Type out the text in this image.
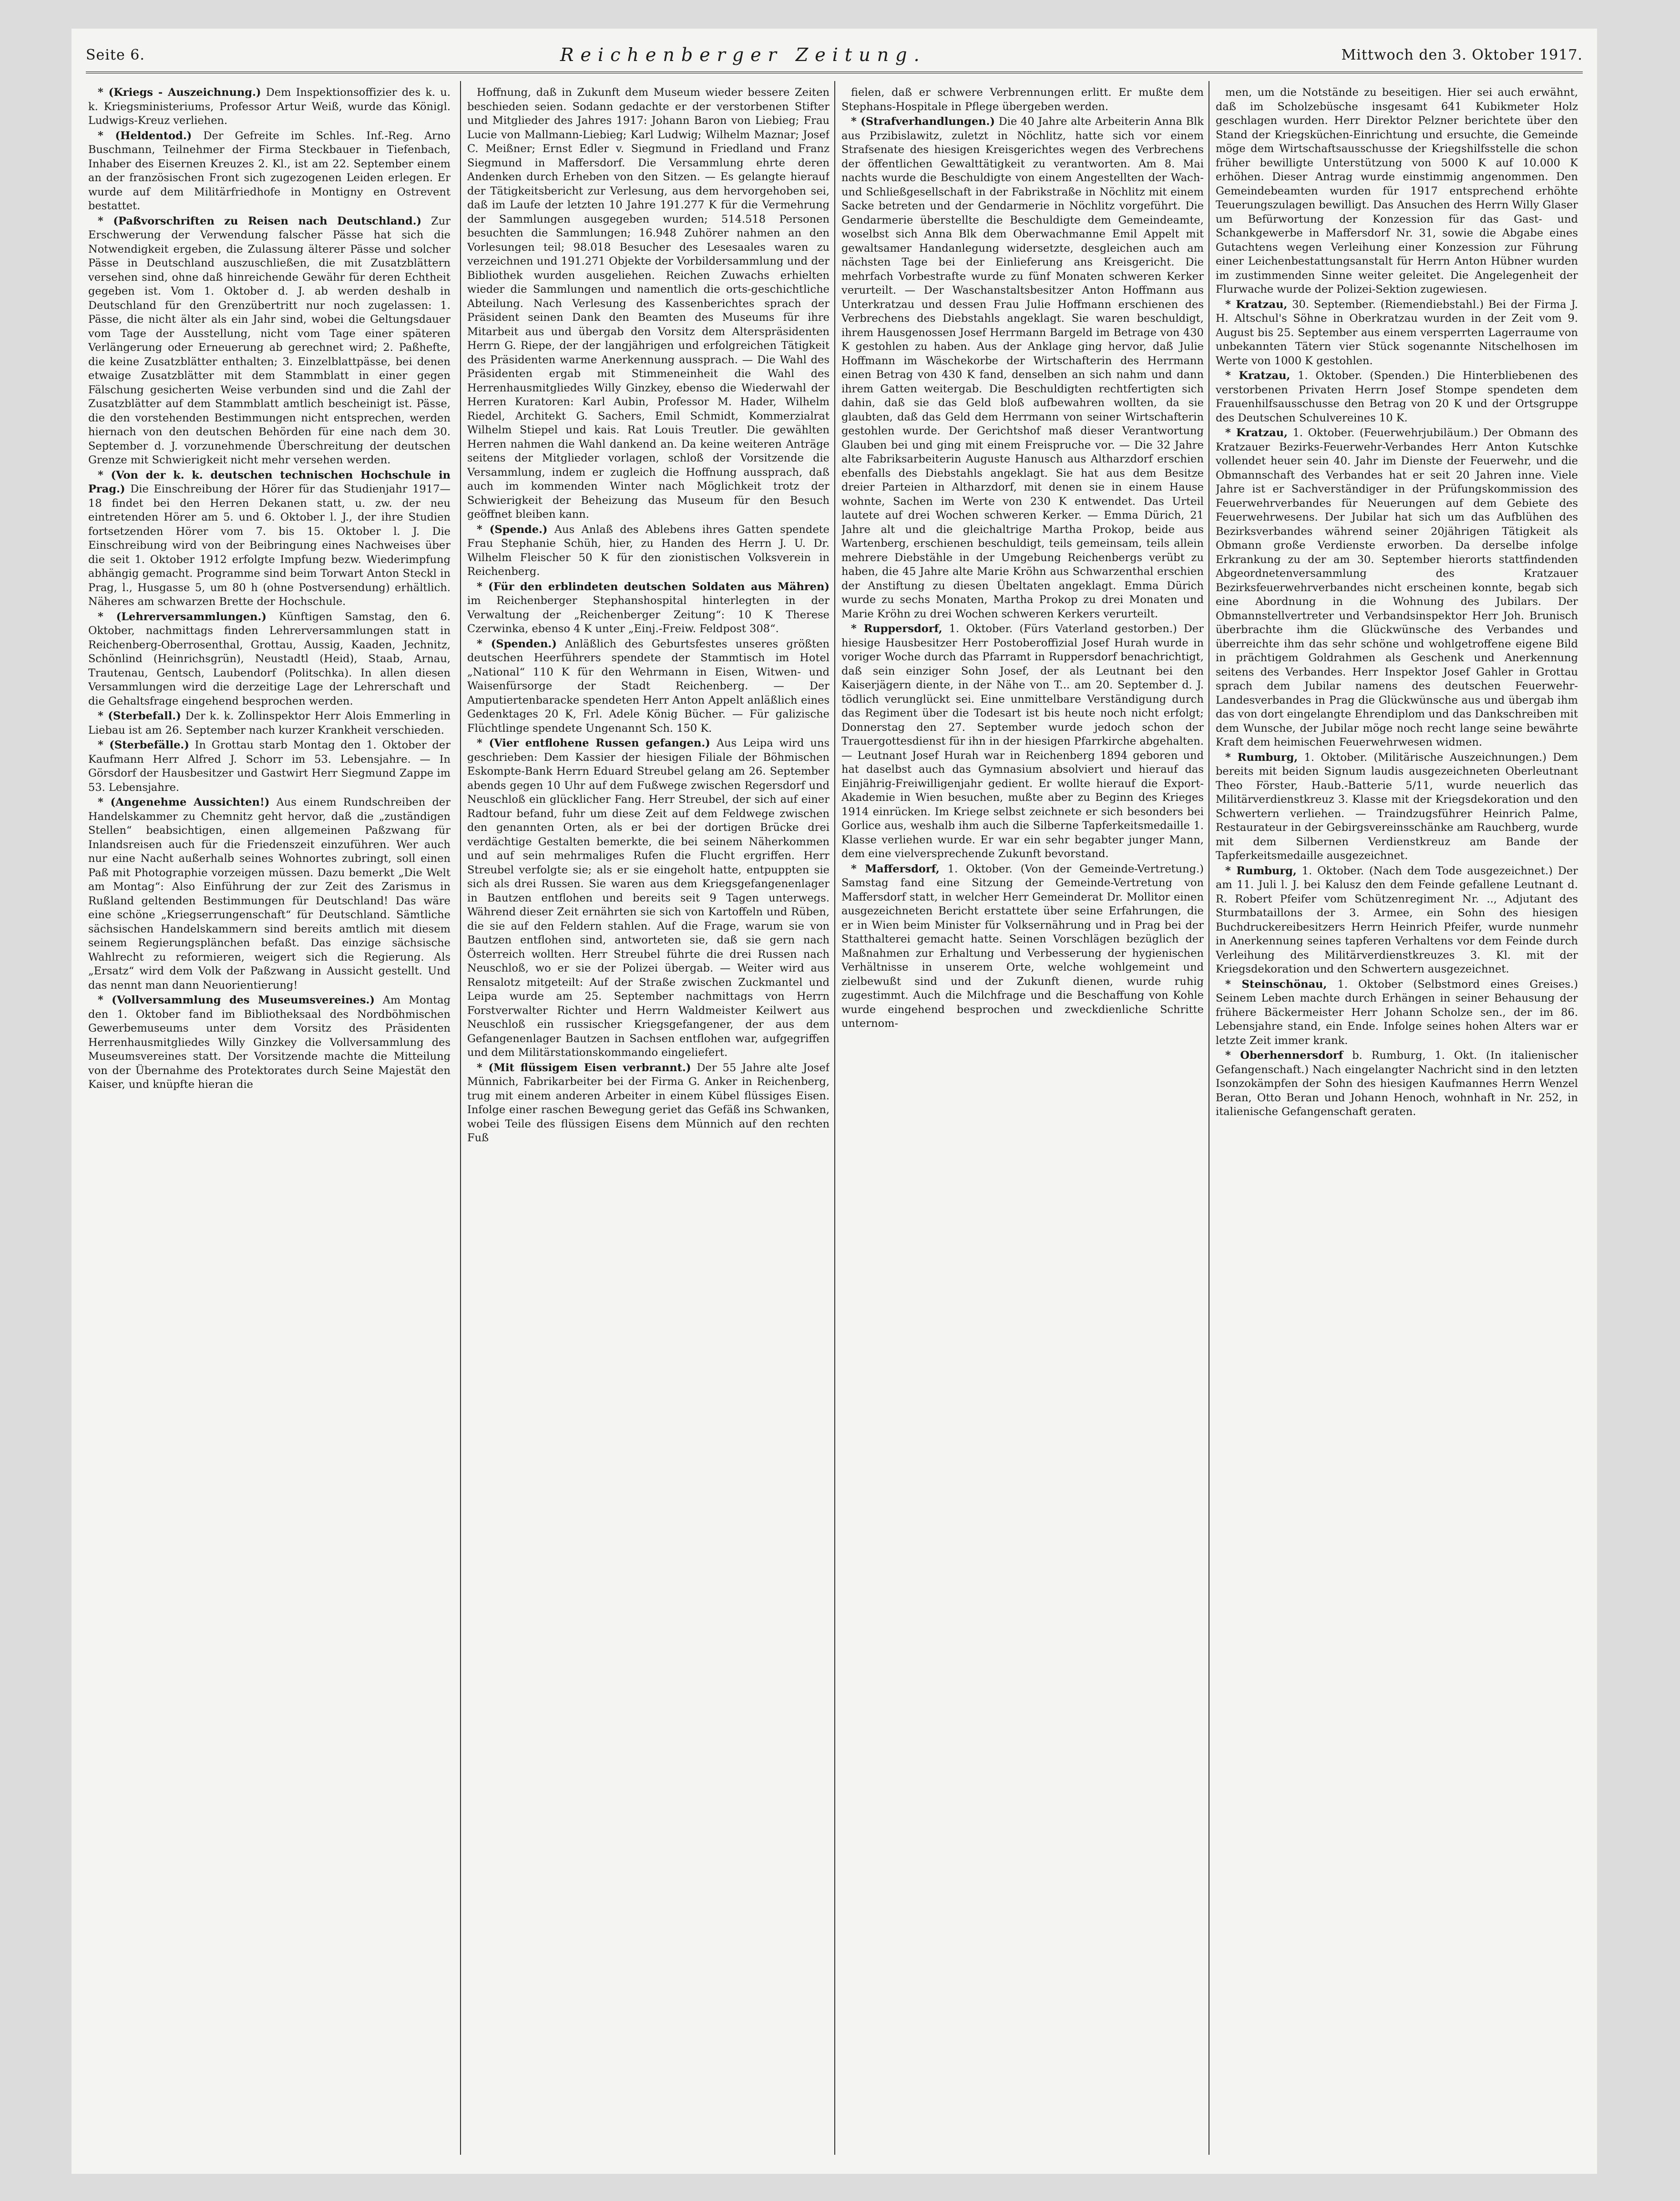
Seite 6.	Reichenberger Zeitung.	Mittwoch den 3. Oktober 1917.

* (Kriegs - Auszeichnung.) Dem Inspektionsoffizier des k. u. k. Kriegsministeriums, Professor Artur Weiß, wurde das Königl. Ludwigs-Kreuz verliehen.

* (Heldentod.) Der Gefreite im Schles. Inf.-Reg. Arno Buschmann, Teilnehmer der Firma Steckbauer in Tiefenbach, Inhaber des Eisernen Kreuzes 2. Kl., ist am 22. September einem an der französischen Front sich zugezogenen Leiden erlegen. Er wurde auf dem Militärfriedhofe in Montigny en Ostrevent bestattet.

* (Paßvorschriften zu Reisen nach Deutschland.) Zur Erschwerung der Verwendung falscher Pässe hat sich die Notwendigkeit ergeben, die Zulassung älterer Pässe und solcher Pässe in Deutschland auszuschließen, die mit Zusatzblättern versehen sind, ohne daß hinreichende Gewähr für deren Echtheit gegeben ist. Vom 1. Oktober d. J. ab werden deshalb in Deutschland für den Grenzübertritt nur noch zugelassen: 1. Pässe, die nicht älter als ein Jahr sind, wobei die Geltungsdauer vom Tage der Ausstellung, nicht vom Tage einer späteren Verlängerung oder Erneuerung ab gerechnet wird; 2. Paßhefte, die keine Zusatzblätter enthalten; 3. Einzelblattpässe, bei denen etwaige Zusatzblätter mit dem Stammblatt in einer gegen Fälschung gesicherten Weise verbunden sind und die Zahl der Zusatzblätter auf dem Stammblatt amtlich bescheinigt ist. Pässe, die den vorstehenden Bestimmungen nicht entsprechen, werden hiernach von den deutschen Behörden für eine nach dem 30. September d. J. vorzunehmende Überschreitung der deutschen Grenze mit Schwierigkeit nicht mehr versehen werden.

* (Von der k. k. deutschen technischen Hochschule in Prag.) Die Einschreibung der Hörer für das Studienjahr 1917—18 findet bei den Herren Dekanen statt, u. zw. der neu eintretenden Hörer am 5. und 6. Oktober l. J., der ihre Studien fortsetzenden Hörer vom 7. bis 15. Oktober l. J. Die Einschreibung wird von der Beibringung eines Nachweises über die seit 1. Oktober 1912 erfolgte Impfung bezw. Wiederimpfung abhängig gemacht. Programme sind beim Torwart Anton Steckl in Prag, l., Husgasse 5, um 80 h (ohne Postversendung) erhältlich. Näheres am schwarzen Brette der Hochschule.

* (Lehrerversammlungen.) Künftigen Samstag, den 6. Oktober, nachmittags finden Lehrerversammlungen statt in Reichenberg-Oberrosenthal, Grottau, Aussig, Kaaden, Jechnitz, Schönlind (Heinrichsgrün), Neustadtl (Heid), Staab, Arnau, Trautenau, Gentsch, Laubendorf (Politschka). In allen diesen Versammlungen wird die derzeitige Lage der Lehrerschaft und die Gehaltsfrage eingehend besprochen werden.

* (Sterbefall.) Der k. k. Zollinspektor Herr Alois Emmerling in Liebau ist am 26. September nach kurzer Krankheit verschieden.

* (Sterbefälle.) In Grottau starb Montag den 1. Oktober der Kaufmann Herr Alfred J. Schorr im 53. Lebensjahre. — In Görsdorf der Hausbesitzer und Gastwirt Herr Siegmund Zappe im 53. Lebensjahre.

* (Angenehme Aussichten!) Aus einem Rundschreiben der Handelskammer zu Chemnitz geht hervor, daß die „zuständigen Stellen“ beabsichtigen, einen allgemeinen Paßzwang für Inlandsreisen auch für die Friedenszeit einzuführen. Wer auch nur eine Nacht außerhalb seines Wohnortes zubringt, soll einen Paß mit Photographie vorzeigen müssen. Dazu bemerkt „Die Welt am Montag“: Also Einführung der zur Zeit des Zarismus in Rußland geltenden Bestimmungen für Deutschland! Das wäre eine schöne „Kriegserrungenschaft“ für Deutschland. Sämtliche sächsischen Handelskammern sind bereits amtlich mit diesem seinem Regierungsplänchen befaßt. Das einzige sächsische Wahlrecht zu reformieren, weigert sich die Regierung. Als „Ersatz“ wird dem Volk der Paßzwang in Aussicht gestellt. Und das nennt man dann Neuorientierung!

* (Vollversammlung des Museumsvereines.) Am Montag den 1. Oktober fand im Bibliotheksaal des Nordböhmischen Gewerbemuseums unter dem Vorsitz des Präsidenten Herrenhausmitgliedes Willy Ginzkey die Vollversammlung des Museumsvereines statt. Der Vorsitzende machte die Mitteilung von der Übernahme des Protektorates durch Seine Majestät den Kaiser, und knüpfte hieran die

Hoffnung, daß in Zukunft dem Museum wieder bessere Zeiten beschieden seien. Sodann gedachte er der verstorbenen Stifter und Mitglieder des Jahres 1917: Johann Baron von Liebieg; Frau Lucie von Mallmann-Liebieg; Karl Ludwig; Wilhelm Maznar; Josef C. Meißner; Ernst Edler v. Siegmund in Friedland und Franz Siegmund in Maffersdorf. Die Versammlung ehrte deren Andenken durch Erheben von den Sitzen. — Es gelangte hierauf der Tätigkeitsbericht zur Verlesung, aus dem hervorgehoben sei, daß im Laufe der letzten 10 Jahre 191.277 K für die Vermehrung der Sammlungen ausgegeben wurden; 514.518 Personen besuchten die Sammlungen; 16.948 Zuhörer nahmen an den Vorlesungen teil; 98.018 Besucher des Lesesaales waren zu verzeichnen und 191.271 Objekte der Vorbildersammlung und der Bibliothek wurden ausgeliehen. Reichen Zuwachs erhielten wieder die Sammlungen und namentlich die orts-geschichtliche Abteilung. Nach Verlesung des Kassenberichtes sprach der Präsident seinen Dank den Beamten des Museums für ihre Mitarbeit aus und übergab den Vorsitz dem Alterspräsidenten Herrn G. Riepe, der der langjährigen und erfolgreichen Tätigkeit des Präsidenten warme Anerkennung aussprach. — Die Wahl des Präsidenten ergab mit Stimmeneinheit die Wahl des Herrenhausmitgliedes Willy Ginzkey, ebenso die Wiederwahl der Herren Kuratoren: Karl Aubin, Professor M. Hader, Wilhelm Riedel, Architekt G. Sachers, Emil Schmidt, Kommerzialrat Wilhelm Stiepel und kais. Rat Louis Treutler. Die gewählten Herren nahmen die Wahl dankend an. Da keine weiteren Anträge seitens der Mitglieder vorlagen, schloß der Vorsitzende die Versammlung, indem er zugleich die Hoffnung aussprach, daß auch im kommenden Winter nach Möglichkeit trotz der Schwierigkeit der Beheizung das Museum für den Besuch geöffnet bleiben kann.

* (Spende.) Aus Anlaß des Ablebens ihres Gatten spendete Frau Stephanie Schüh, hier, zu Handen des Herrn J. U. Dr. Wilhelm Fleischer 50 K für den zionistischen Volksverein in Reichenberg.

* (Für den erblindeten deutschen Soldaten aus Mähren) im Reichenberger Stephanshospital hinterlegten in der Verwaltung der „Reichenberger Zeitung“: 10 K Therese Czerwinka, ebenso 4 K unter „Einj.-Freiw. Feldpost 308“.

* (Spenden.) Anläßlich des Geburtsfestes unseres größten deutschen Heerführers spendete der Stammtisch im Hotel „National“ 110 K für den Wehrmann in Eisen, Witwen- und Waisenfürsorge der Stadt Reichenberg. — Der Amputiertenbaracke spendeten Herr Anton Appelt anläßlich eines Gedenktages 20 K, Frl. Adele König Bücher. — Für galizische Flüchtlinge spendete Ungenannt Sch. 150 K.

* (Vier entflohene Russen gefangen.) Aus Leipa wird uns geschrieben: Dem Kassier der hiesigen Filiale der Böhmischen Eskompte-Bank Herrn Eduard Streubel gelang am 26. September abends gegen 10 Uhr auf dem Fußwege zwischen Regersdorf und Neuschloß ein glücklicher Fang. Herr Streubel, der sich auf einer Radtour befand, fuhr um diese Zeit auf dem Feldwege zwischen den genannten Orten, als er bei der dortigen Brücke drei verdächtige Gestalten bemerkte, die bei seinem Näherkommen und auf sein mehrmaliges Rufen die Flucht ergriffen. Herr Streubel verfolgte sie; als er sie eingeholt hatte, entpuppten sie sich als drei Russen. Sie waren aus dem Kriegsgefangenenlager in Bautzen entflohen und bereits seit 9 Tagen unterwegs. Während dieser Zeit ernährten sie sich von Kartoffeln und Rüben, die sie auf den Feldern stahlen. Auf die Frage, warum sie von Bautzen entflohen sind, antworteten sie, daß sie gern nach Österreich wollten. Herr Streubel führte die drei Russen nach Neuschloß, wo er sie der Polizei übergab. — Weiter wird aus Rensalotz mitgeteilt: Auf der Straße zwischen Zuckmantel und Leipa wurde am 25. September nachmittags von Herrn Forstverwalter Richter und Herrn Waldmeister Keilwert aus Neuschloß ein russischer Kriegsgefangener, der aus dem Gefangenenlager Bautzen in Sachsen entflohen war, aufgegriffen und dem Militärstationskommando eingeliefert.

* (Mit flüssigem Eisen verbrannt.) Der 55 Jahre alte Josef Münnich, Fabrikarbeiter bei der Firma G. Anker in Reichenberg, trug mit einem anderen Arbeiter in einem Kübel flüssiges Eisen. Infolge einer raschen Bewegung geriet das Gefäß ins Schwanken, wobei Teile des flüssigen Eisens dem Münnich auf den rechten Fuß

fielen, daß er schwere Verbrennungen erlitt. Er mußte dem Stephans-Hospitale in Pflege übergeben werden.

* (Strafverhandlungen.) Die 40 Jahre alte Arbeiterin Anna Blk aus Przibislawitz, zuletzt in Nöchlitz, hatte sich vor einem Strafsenate des hiesigen Kreisgerichtes wegen des Verbrechens der öffentlichen Gewalttätigkeit zu verantworten. Am 8. Mai nachts wurde die Beschuldigte von einem Angestellten der Wach- und Schließgesellschaft in der Fabrikstraße in Nöchlitz mit einem Sacke betreten und der Gendarmerie in Nöchlitz vorgeführt. Die Gendarmerie überstellte die Beschuldigte dem Gemeindeamte, woselbst sich Anna Blk dem Oberwachmanne Emil Appelt mit gewaltsamer Handanlegung widersetzte, desgleichen auch am nächsten Tage bei der Einlieferung ans Kreisgericht. Die mehrfach Vorbestrafte wurde zu fünf Monaten schweren Kerker verurteilt. — Der Waschanstaltsbesitzer Anton Hoffmann aus Unterkratzau und dessen Frau Julie Hoffmann erschienen des Verbrechens des Diebstahls angeklagt. Sie waren beschuldigt, ihrem Hausgenossen Josef Herrmann Bargeld im Betrage von 430 K gestohlen zu haben. Aus der Anklage ging hervor, daß Julie Hoffmann im Wäschekorbe der Wirtschafterin des Herrmann einen Betrag von 430 K fand, denselben an sich nahm und dann ihrem Gatten weitergab. Die Beschuldigten rechtfertigten sich dahin, daß sie das Geld bloß aufbewahren wollten, da sie glaubten, daß das Geld dem Herrmann von seiner Wirtschafterin gestohlen wurde. Der Gerichtshof maß dieser Verantwortung Glauben bei und ging mit einem Freispruche vor. — Die 32 Jahre alte Fabriksarbeiterin Auguste Hanusch aus Altharzdorf erschien ebenfalls des Diebstahls angeklagt. Sie hat aus dem Besitze dreier Parteien in Altharzdorf, mit denen sie in einem Hause wohnte, Sachen im Werte von 230 K entwendet. Das Urteil lautete auf drei Wochen schweren Kerker. — Emma Dürich, 21 Jahre alt und die gleichaltrige Martha Prokop, beide aus Wartenberg, erschienen beschuldigt, teils gemeinsam, teils allein mehrere Diebstähle in der Umgebung Reichenbergs verübt zu haben, die 45 Jahre alte Marie Kröhn aus Schwarzenthal erschien der Anstiftung zu diesen Übeltaten angeklagt. Emma Dürich wurde zu sechs Monaten, Martha Prokop zu drei Monaten und Marie Kröhn zu drei Wochen schweren Kerkers verurteilt.

* Ruppersdorf, 1. Oktober. (Fürs Vaterland gestorben.) Der hiesige Hausbesitzer Herr Postoberoffizial Josef Hurah wurde in voriger Woche durch das Pfarramt in Ruppersdorf benachrichtigt, daß sein einziger Sohn Josef, der als Leutnant bei den Kaiserjägern diente, in der Nähe von T... am 20. September d. J. tödlich verunglückt sei. Eine unmittelbare Verständigung durch das Regiment über die Todesart ist bis heute noch nicht erfolgt; Donnerstag den 27. September wurde jedoch schon der Trauergottesdienst für ihn in der hiesigen Pfarrkirche abgehalten. — Leutnant Josef Hurah war in Reichenberg 1894 geboren und hat daselbst auch das Gymnasium absolviert und hierauf das Einjährig-Freiwilligenjahr gedient. Er wollte hierauf die Export-Akademie in Wien besuchen, mußte aber zu Beginn des Krieges 1914 einrücken. Im Kriege selbst zeichnete er sich besonders bei Gorlice aus, weshalb ihm auch die Silberne Tapferkeitsmedaille 1. Klasse verliehen wurde. Er war ein sehr begabter junger Mann, dem eine vielversprechende Zukunft bevorstand.

* Maffersdorf, 1. Oktober. (Von der Gemeinde-Vertretung.) Samstag fand eine Sitzung der Gemeinde-Vertretung von Maffersdorf statt, in welcher Herr Gemeinderat Dr. Mollitor einen ausgezeichneten Bericht erstattete über seine Erfahrungen, die er in Wien beim Minister für Volksernährung und in Prag bei der Statthalterei gemacht hatte. Seinen Vorschlägen bezüglich der Maßnahmen zur Erhaltung und Verbesserung der hygienischen Verhältnisse in unserem Orte, welche wohlgemeint und zielbewußt sind und der Zukunft dienen, wurde ruhig zugestimmt. Auch die Milchfrage und die Beschaffung von Kohle wurde eingehend besprochen und zweckdienliche Schritte unternom-

men, um die Notstände zu beseitigen. Hier sei auch erwähnt, daß im Scholzebüsche insgesamt 641 Kubikmeter Holz geschlagen wurden. Herr Direktor Pelzner berichtete über den Stand der Kriegsküchen-Einrichtung und ersuchte, die Gemeinde möge dem Wirtschaftsausschusse der Kriegshilfsstelle die schon früher bewilligte Unterstützung von 5000 K auf 10.000 K erhöhen. Dieser Antrag wurde einstimmig angenommen. Den Gemeindebeamten wurden für 1917 entsprechend erhöhte Teuerungszulagen bewilligt. Das Ansuchen des Herrn Willy Glaser um Befürwortung der Konzession für das Gast- und Schankgewerbe in Maffersdorf Nr. 31, sowie die Abgabe eines Gutachtens wegen Verleihung einer Konzession zur Führung einer Leichenbestattungsanstalt für Herrn Anton Hübner wurden im zustimmenden Sinne weiter geleitet. Die Angelegenheit der Flurwache wurde der Polizei-Sektion zugewiesen.

* Kratzau, 30. September. (Riemendiebstahl.) Bei der Firma J. H. Altschul's Söhne in Oberkratzau wurden in der Zeit vom 9. August bis 25. September aus einem versperrten Lagerraume von unbekannten Tätern vier Stück sogenannte Nitschelhosen im Werte von 1000 K gestohlen.

* Kratzau, 1. Oktober. (Spenden.) Die Hinterbliebenen des verstorbenen Privaten Herrn Josef Stompe spendeten dem Frauenhilfsausschusse den Betrag von 20 K und der Ortsgruppe des Deutschen Schulvereines 10 K.

* Kratzau, 1. Oktober. (Feuerwehrjubiläum.) Der Obmann des Kratzauer Bezirks-Feuerwehr-Verbandes Herr Anton Kutschke vollendet heuer sein 40. Jahr im Dienste der Feuerwehr, und die Obmannschaft des Verbandes hat er seit 20 Jahren inne. Viele Jahre ist er Sachverständiger in der Prüfungskommission des Feuerwehrverbandes für Neuerungen auf dem Gebiete des Feuerwehrwesens. Der Jubilar hat sich um das Aufblühen des Bezirksverbandes während seiner 20jährigen Tätigkeit als Obmann große Verdienste erworben. Da derselbe infolge Erkrankung zu der am 30. September hierorts stattfindenden Abgeordnetenversammlung des Kratzauer Bezirksfeuerwehrverbandes nicht erscheinen konnte, begab sich eine Abordnung in die Wohnung des Jubilars. Der Obmannstellvertreter und Verbandsinspektor Herr Joh. Brunisch überbrachte ihm die Glückwünsche des Verbandes und überreichte ihm das sehr schöne und wohlgetroffene eigene Bild in prächtigem Goldrahmen als Geschenk und Anerkennung seitens des Verbandes. Herr Inspektor Josef Gahler in Grottau sprach dem Jubilar namens des deutschen Feuerwehr-Landesverbandes in Prag die Glückwünsche aus und übergab ihm das von dort eingelangte Ehrendiplom und das Dankschreiben mit dem Wunsche, der Jubilar möge noch recht lange seine bewährte Kraft dem heimischen Feuerwehrwesen widmen.

* Rumburg, 1. Oktober. (Militärische Auszeichnungen.) Dem bereits mit beiden Signum laudis ausgezeichneten Oberleutnant Theo Förster, Haub.-Batterie 5/11, wurde neuerlich das Militärverdienstkreuz 3. Klasse mit der Kriegsdekoration und den Schwertern verliehen. — Traindzugsführer Heinrich Palme, Restaurateur in der Gebirgsvereinsschänke am Rauchberg, wurde mit dem Silbernen Verdienstkreuz am Bande der Tapferkeitsmedaille ausgezeichnet.

* Rumburg, 1. Oktober. (Nach dem Tode ausgezeichnet.) Der am 11. Juli l. J. bei Kalusz den dem Feinde gefallene Leutnant d. R. Robert Pfeifer vom Schützenregiment Nr. .., Adjutant des Sturmbataillons der 3. Armee, ein Sohn des hiesigen Buchdruckereibesitzers Herrn Heinrich Pfeifer, wurde nunmehr in Anerkennung seines tapferen Verhaltens vor dem Feinde durch Verleihung des Militärverdienstkreuzes 3. Kl. mit der Kriegsdekoration und den Schwertern ausgezeichnet.

* Steinschönau, 1. Oktober (Selbstmord eines Greises.) Seinem Leben machte durch Erhängen in seiner Behausung der frühere Bäckermeister Herr Johann Scholze sen., der im 86. Lebensjahre stand, ein Ende. Infolge seines hohen Alters war er letzte Zeit immer krank.

* Oberhennersdorf b. Rumburg, 1. Okt. (In italienischer Gefangenschaft.) Nach eingelangter Nachricht sind in den letzten Isonzokämpfen der Sohn des hiesigen Kaufmannes Herrn Wenzel Beran, Otto Beran und Johann Henoch, wohnhaft in Nr. 252, in italienische Gefangenschaft geraten.
